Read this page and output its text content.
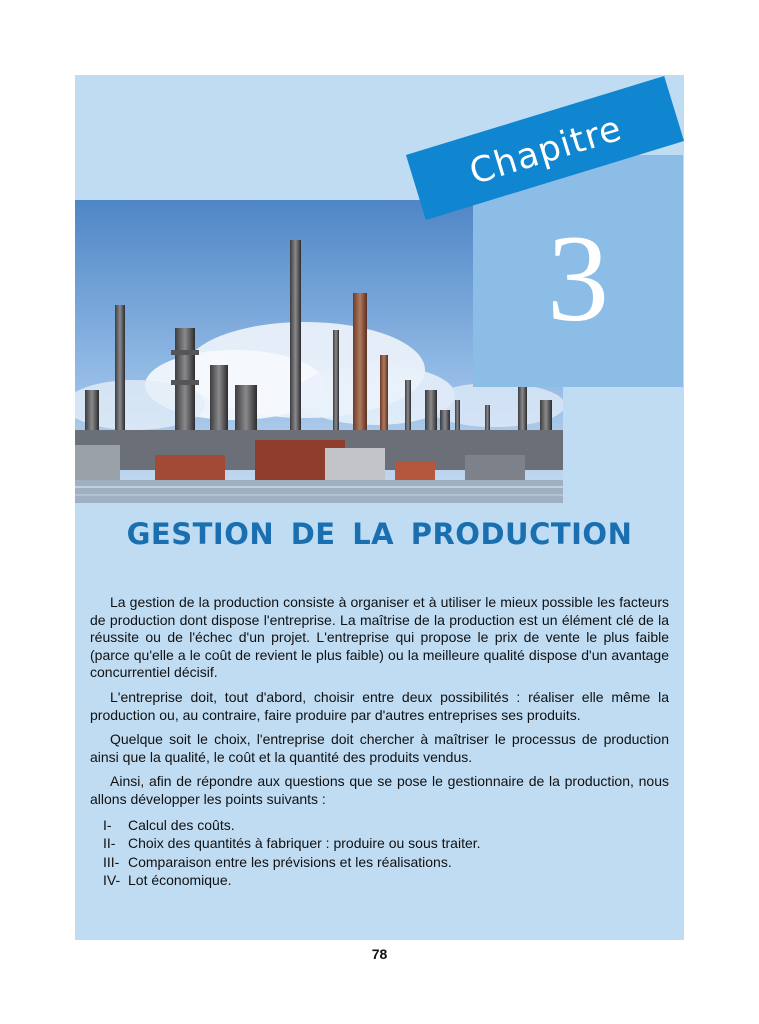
3
Chapitre
GESTION DE LA PRODUCTION

La gestion de la production consiste à organiser et à utiliser le mieux possible les facteurs de production dont dispose l'entreprise. La maîtrise de la production est un élément clé de la réussite ou de l'échec d'un projet. L'entreprise qui propose le prix de vente le plus faible (parce qu'elle a le coût de revient le plus faible) ou la meilleure qualité dispose d'un avantage concurrentiel décisif.

L'entreprise doit, tout d'abord, choisir entre deux possibilités : réaliser elle même la production ou, au contraire, faire produire par d'autres entreprises ses produits.

Quelque soit le choix, l'entreprise doit chercher à maîtriser le processus de production ainsi que la qualité, le coût et la quantité des produits vendus.

Ainsi, afin de répondre aux questions que se pose le gestionnaire de la production, nous allons développer les points suivants :

I- Calcul des coûts.
II- Choix des quantités à fabriquer : produire ou sous traiter.
III- Comparaison entre les prévisions et les réalisations.
IV- Lot économique.
78
